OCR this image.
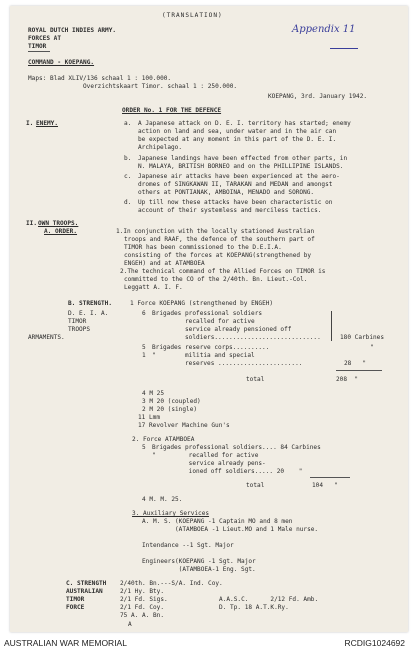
(TRANSLATION)
ROYAL DUTCH INDIES ARMY.
FORCES AT
TIMOR
Appendix 11
COMMAND - KOEPANG.
Maps: Blad XLIV/136 schaal 1 : 100.000.
Overzichtskaart Timor. schaal 1 : 250.000.
KOEPANG, 3rd. January 1942.
ORDER No. 1 FOR THE DEFENCE
I. ENEMY.	a. A Japanese attack on D. E. I. territory has started; enemy
action on land and sea, under water and in the air can
be expected at any moment in this part of the D. E. I.
Archipelago.
b. Japanese landings have been effected from other parts, in
N. MALAYA, BRITISH BORNEO and on the PHILLIPINE ISLANDS.
c. Japanese air attacks have been experienced at the aero-
dromes of SINGKAWAN II, TARAKAN and MEDAN and amongst
others at PONTIANAK, AMBOINA, MENADO and SORONG.
d. Up till now these attacks have been characteristic on
account of their systemless and merciless tactics.
II. OWN TROOPS.
A. ORDER.	1.In conjunction with the locally stationed Australian
troops and RAAF, the defence of the southern part of
TIMOR has been commissioned to the D.E.I.A.
consisting of the forces at KOEPANG(strengthened by
ENGEH) and at ATAMBOEA
2.The technical command of the Allied Forces on TIMOR is
committed to the CO of the 2/40th. Bn. Lieut.-Col.
Leggatt A. I. F.
B. STRENGTH.	1 Force KOEPANG (strengthened by ENGEH)
D. E. I. A.
TIMOR
TROOPS
ARMAMENTS.
6 Brigades professional soldiers
recalled for active
service already pensioned off
soldiers.............................	180 Carbines
5 Brigades reserve corps..........	"
1 "        militia and special
reserves .......................	28   "
total	208  "
4 M 25
3 M 20 (coupled)
2 M 20 (single)
11 Lmm
17 Revolver Machine Gun's
2. Force ATAMBOEA
5 Brigades professional soldiers.... 84 Carbines
"         recalled for active
service already pens-
ioned off soldiers..... 20    "
total	104   "
4 M. M. 25.
3. Auxiliary Services
A. M. S. (KOEPANG -1 Captain MO and 8 men
(ATAMBOEA -1 Lieut.MO and 1 Male nurse.
Intendance --1 Sgt. Major
Engineers(KOEPANG -1 Sgt. Major
(ATAMBOEA-1 Eng. Sgt.
C. STRENGTH
AUSTRALIAN
TIMOR
FORCE
2/40th. Bn.---S/A. Ind. Coy.
2/1 Hy. Bty.
2/1 Fd. Sigs.              A.A.S.C.      2/12 Fd. Amb.
2/1 Fd. Coy.               D. Tp. 18 A.T.K.Ry.
75 A. A. Bn.
A
AUSTRALIAN WAR MEMORIAL	RCDIG1024692
